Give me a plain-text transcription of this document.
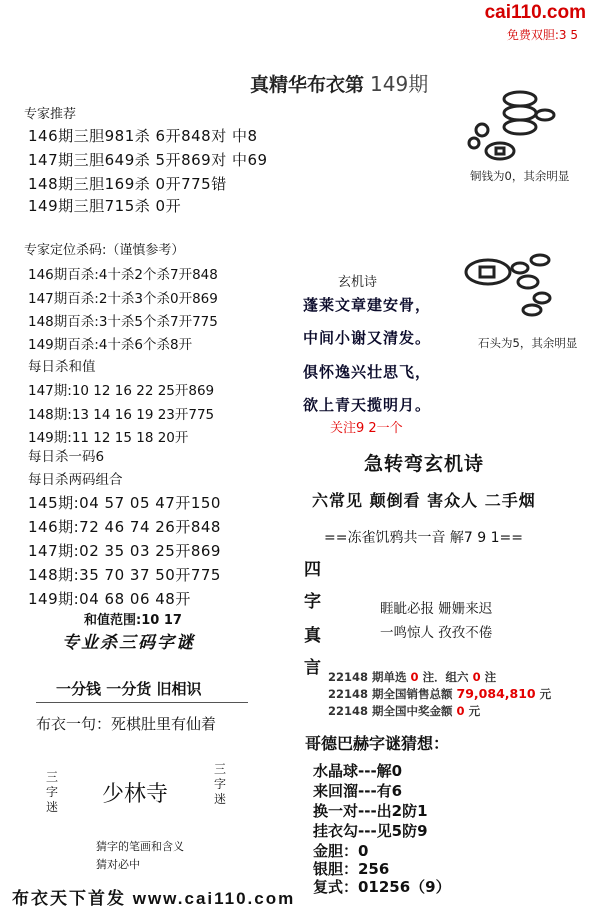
cai110.com
免费双胆:3 5
真精华布衣第 149期
专家推荐
146期三胆981杀 6开848对 中8
147期三胆649杀 5开869对 中69
148期三胆169杀 0开775错
149期三胆715杀 0开
专家定位杀码:（谨慎参考）
146期百杀:4十杀2个杀7开848
147期百杀:2十杀3个杀0开869
148期百杀:3十杀5个杀7开775
149期百杀:4十杀6个杀8开
每日杀和值
147期:10 12 16 22 25开869
148期:13 14 16 19 23开775
149期:11 12 15 18 20开
每日杀一码6
每日杀两码组合
145期:04 57 05 47开150
146期:72 46 74 26开848
147期:02 35 03 25开869
148期:35 70 37 50开775
149期:04 68 06 48开
和值范围:10 17
专业杀三码字谜
一分钱 一分货 旧相识
布衣一句：死棋肚里有仙着
三字迷 少林寺
三字迷
猜字的笔画和含义
猜对必中
铜钱为0，其余明显
石头为5，其余明显
玄机诗
蓬莱文章建安骨，
中间小谢又清发。
俱怀逸兴壮思飞，
欲上青天揽明月。
关注9 2一个
急转弯玄机诗
六常见 颠倒看 害众人 二手烟
==冻雀饥鸦共一音 解7 9 1==
四
字
真
言
睚眦必报 姗姗来迟
一鸣惊人 孜孜不倦
22148 期单选 0 注．组六 0 注
22148 期全国销售总额 79,084,810 元
22148 期全国中奖金额 0 元
哥德巴赫字谜猜想：
水晶球---解0
来回溜---有6
换一对---出2防1
挂衣勾---见5防9
金胆：0
银胆：256
复式：01256（9）
布衣天下首发 www.cai110.com
